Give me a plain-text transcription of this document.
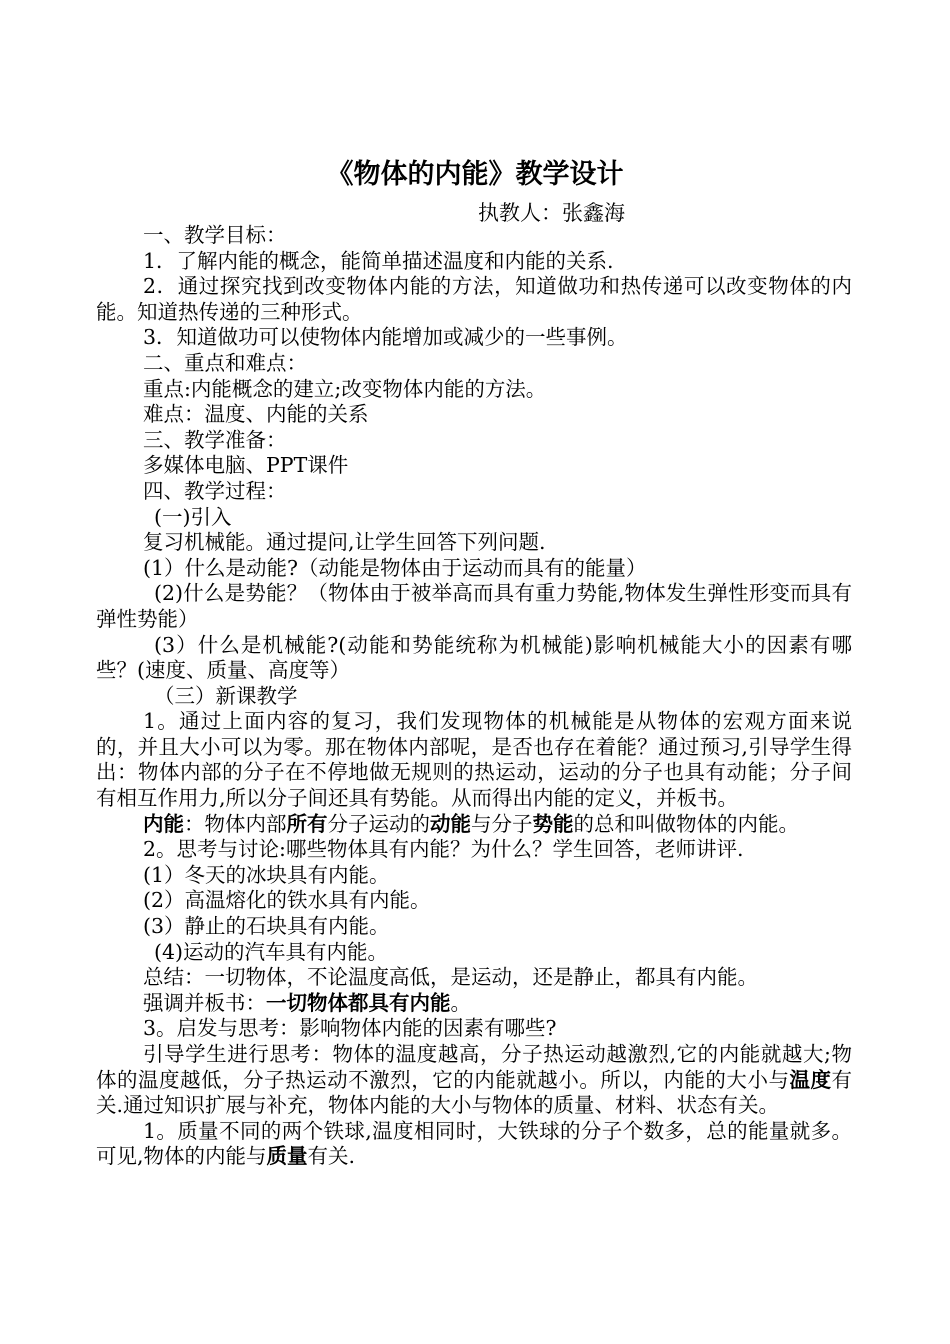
《物体的内能》教学设计
执教人：张鑫海

一、教学目标：

1．了解内能的概念，能简单描述温度和内能的关系.

2．通过探究找到改变物体内能的方法，知道做功和热传递可以改变物体的内能。知道热传递的三种形式。

3．知道做功可以使物体内能增加或减少的一些事例。

二、重点和难点：

重点:内能概念的建立;改变物体内能的方法。

难点：温度、内能的关系

三、教学准备：

多媒体电脑、PPT课件

四、教学过程：

(一)引入

复习机械能。通过提问,让学生回答下列问题.

(1）什么是动能?（动能是物体由于运动而具有的能量）

(2)什么是势能？（物体由于被举高而具有重力势能,物体发生弹性形变而具有弹性势能）

(3）什么是机械能?(动能和势能统称为机械能)影响机械能大小的因素有哪些？(速度、质量、高度等）

（三）新课教学

1。通过上面内容的复习，我们发现物体的机械能是从物体的宏观方面来说的，并且大小可以为零。那在物体内部呢，是否也存在着能？通过预习,引导学生得出：物体内部的分子在不停地做无规则的热运动，运动的分子也具有动能；分子间有相互作用力,所以分子间还具有势能。从而得出内能的定义，并板书。

内能：物体内部所有分子运动的动能与分子势能的总和叫做物体的内能。

2。思考与讨论:哪些物体具有内能？为什么？学生回答，老师讲评.

(1）冬天的冰块具有内能。

(2）高温熔化的铁水具有内能。

(3）静止的石块具有内能。

(4)运动的汽车具有内能。

总结：一切物体，不论温度高低，是运动，还是静止，都具有内能。

强调并板书：一切物体都具有内能。

3。启发与思考：影响物体内能的因素有哪些?

引导学生进行思考：物体的温度越高，分子热运动越激烈,它的内能就越大;物体的温度越低，分子热运动不激烈，它的内能就越小。所以，内能的大小与温度有关.通过知识扩展与补充，物体内能的大小与物体的质量、材料、状态有关。

1。质量不同的两个铁球,温度相同时，大铁球的分子个数多，总的能量就多。可见,物体的内能与质量有关.
